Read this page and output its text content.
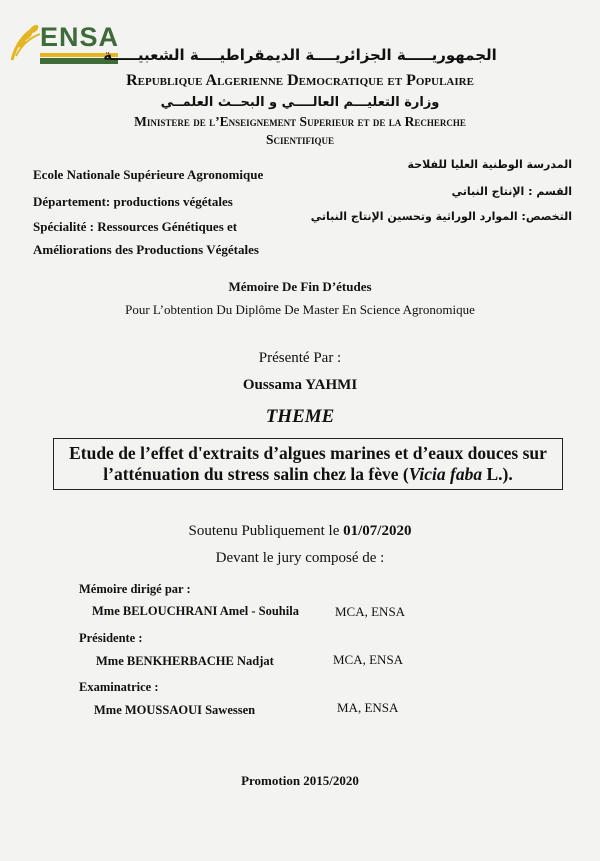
ENSA
الجمهوريـــــة الجزائريــــة الديمقراطيــــة الشعبيـــــة
Republique Algerienne Democratique et Populaire
وزارة التعليـــم العالــــي و البحــث العلمــي
Ministere de l’Enseignement Superieur et de la Recherche
Scientifique
Ecole Nationale Supérieure Agronomique
Département: productions végétales
Spécialité : Ressources Génétiques et
Améliorations des Productions Végétales
المدرسة الوطنية العليا للفلاحة
القسم : الإنتاج النباتي
التخصص: الموارد الوراثية وتحسين الإنتاج النباتي
Mémoire De Fin D’études
Pour L’obtention Du Diplôme De Master En Science Agronomique
Présenté Par :
Oussama YAHMI
THEME
Etude de l’effet d'extraits d’algues marines et d’eaux douces sur
l’atténuation du stress salin chez la fève (Vicia faba L.).
Soutenu Publiquement le 01/07/2020
Devant le jury composé de :
Mémoire dirigé par :
Mme BELOUCHRANI Amel - Souhila	MCA, ENSA
Présidente :
Mme BENKHERBACHE Nadjat	MCA, ENSA
Examinatrice :
Mme MOUSSAOUI Sawessen	MA, ENSA
Promotion 2015/2020
